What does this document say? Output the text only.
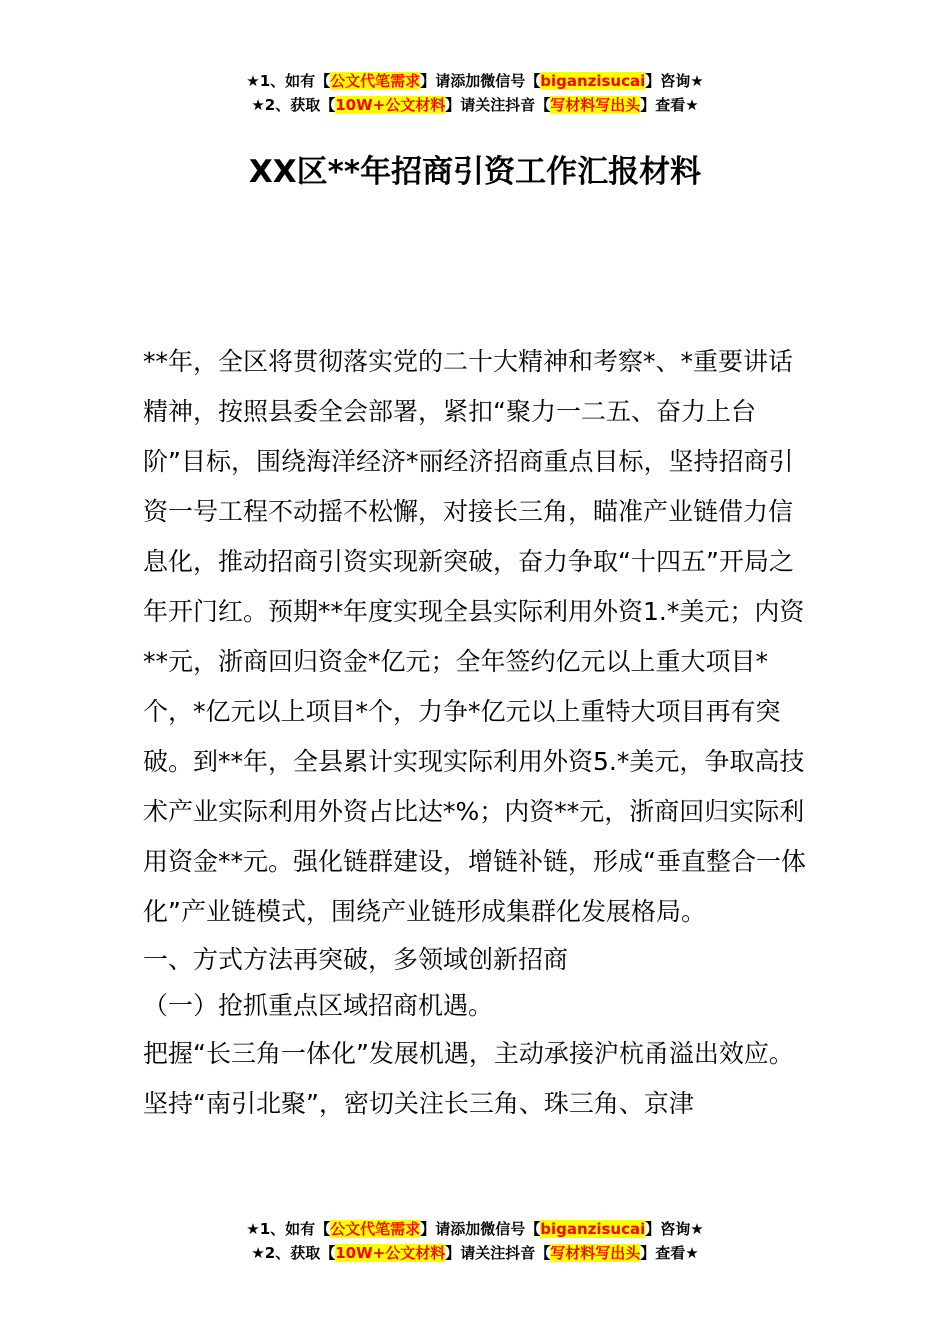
★1、如有【公文代笔需求】请添加微信号【biganzisucai】咨询★
★2、获取【10W+公文材料】请关注抖音【写材料写出头】查看★
XX区**年招商引资工作汇报材料

**年，全区将贯彻落实党的二十大精神和考察*、*重要讲话精神，按照县委全会部署，紧扣“聚力一二五、奋力上台阶”目标，围绕海洋经济*丽经济招商重点目标，坚持招商引资一号工程不动摇不松懈，对接长三角，瞄准产业链借力信息化，推动招商引资实现新突破，奋力争取“十四五”开局之年开门红。预期**年度实现全县实际利用外资1.*美元；内资**元，浙商回归资金*亿元；全年签约亿元以上重大项目*个，*亿元以上项目*个，力争*亿元以上重特大项目再有突破。到**年，全县累计实现实际利用外资5.*美元，争取高技术产业实际利用外资占比达*%；内资**元，浙商回归实际利用资金**元。强化链群建设，增链补链，形成“垂直整合一体化”产业链模式，围绕产业链形成集群化发展格局。

一、方式方法再突破，多领域创新招商

（一）抢抓重点区域招商机遇。

把握“长三角一体化”发展机遇，主动承接沪杭甬溢出效应。坚持“南引北聚”，密切关注长三角、珠三角、京津

★1、如有【公文代笔需求】请添加微信号【biganzisucai】咨询★
★2、获取【10W+公文材料】请关注抖音【写材料写出头】查看★
